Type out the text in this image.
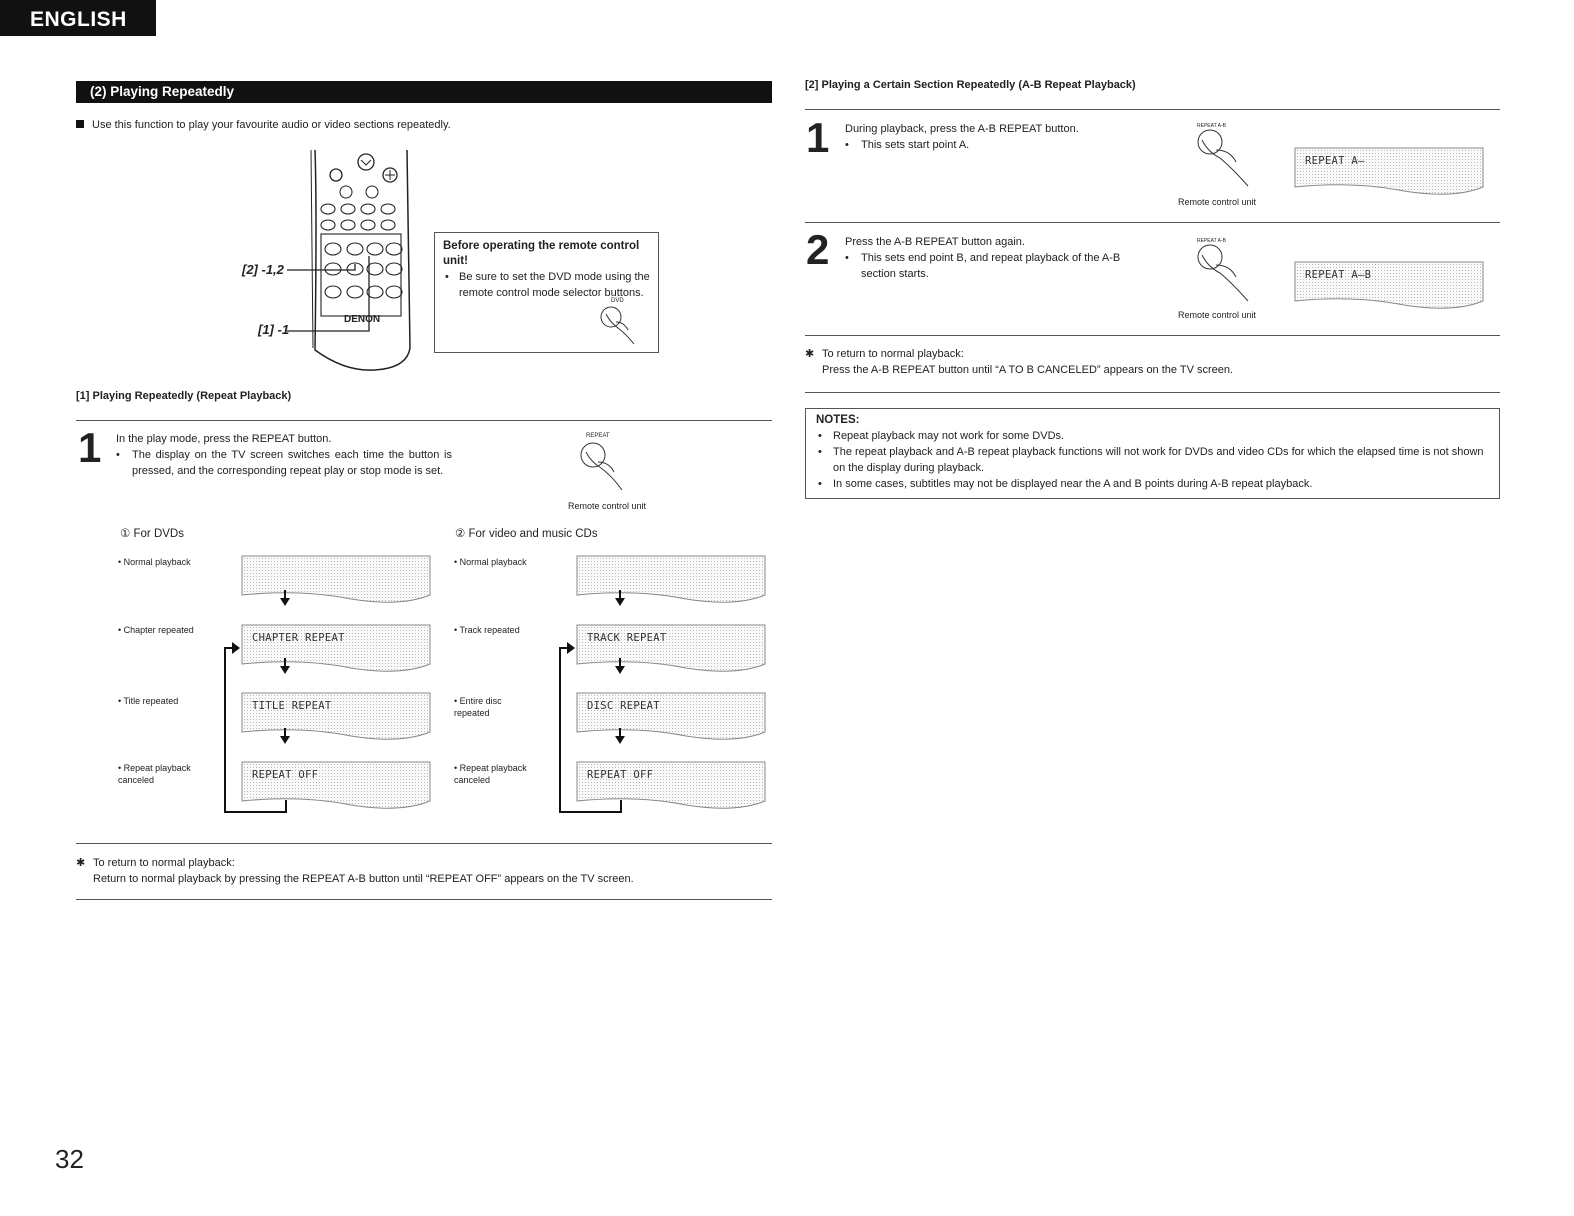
ENGLISH
(2) Playing Repeatedly
Use this function to play your favourite audio or video sections repeatedly.
[2] -1,2
[1] -1
DENON
Before operating the remote control unit!
• Be sure to set the DVD mode using the remote control mode selector buttons.
DVD
[1] Playing Repeatedly (Repeat Playback)
1 In the play mode, press the REPEAT button.
• The display on the TV screen switches each time the button is pressed, and the corresponding repeat play or stop mode is set.
REPEAT
Remote control unit
① For DVDs
• Normal playback
• Chapter repeated
• Title repeated
• Repeat playback canceled
CHAPTER REPEAT
TITLE REPEAT
REPEAT OFF
② For video and music CDs
• Normal playback
• Track repeated
• Entire disc repeated
• Repeat playback canceled
TRACK REPEAT
DISC REPEAT
REPEAT OFF
✱ To return to normal playback:
Return to normal playback by pressing the REPEAT A-B button until “REPEAT OFF” appears on the TV screen.
[2] Playing a Certain Section Repeatedly (A-B Repeat Playback)
1 During playback, press the A-B REPEAT button.
• This sets start point A.
REPEAT A-B
Remote control unit
REPEAT A—
2 Press the A-B REPEAT button again.
• This sets end point B, and repeat playback of the A-B section starts.
REPEAT A-B
Remote control unit
REPEAT A—B
✱ To return to normal playback:
Press the A-B REPEAT button until “A TO B CANCELED” appears on the TV screen.
NOTES:
• Repeat playback may not work for some DVDs.
• The repeat playback and A-B repeat playback functions will not work for DVDs and video CDs for which the elapsed time is not shown on the display during playback.
• In some cases, subtitles may not be displayed near the A and B points during A-B repeat playback.
32
